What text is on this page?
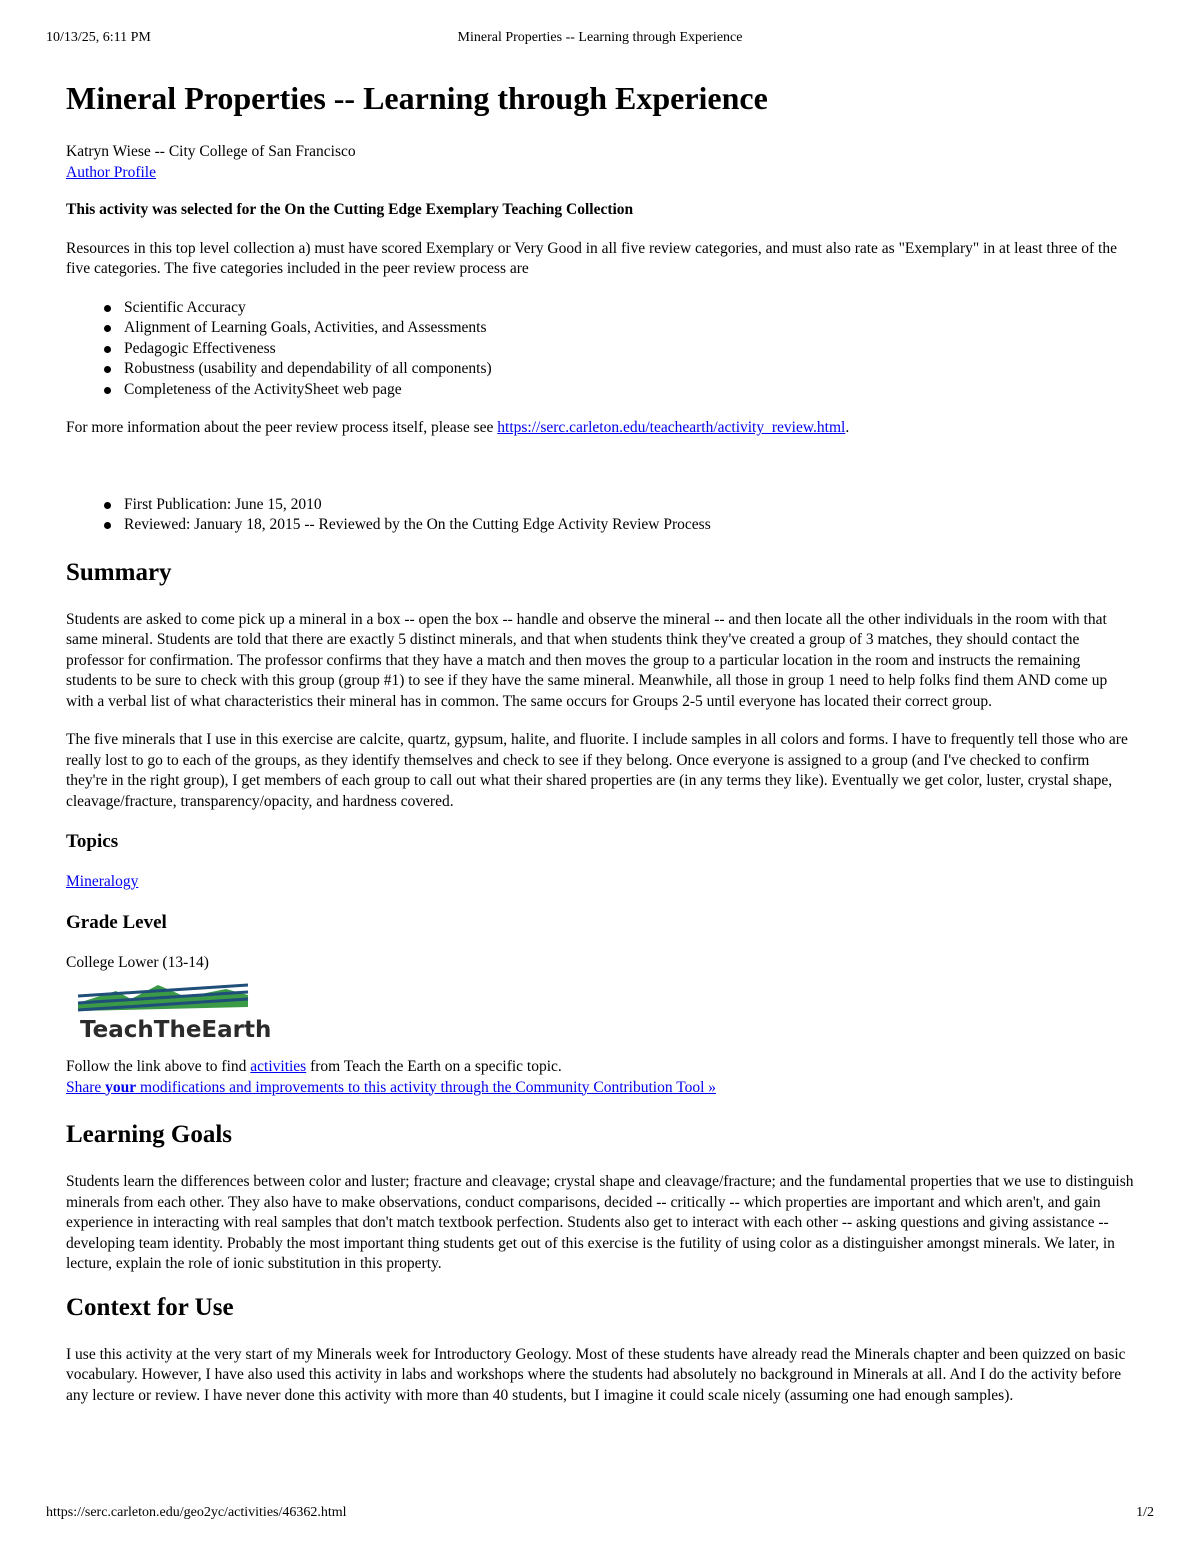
10/13/25, 6:11 PM	Mineral Properties -- Learning through Experience
Mineral Properties -- Learning through Experience

Katryn Wiese -- City College of San Francisco

Author Profile

This activity was selected for the On the Cutting Edge Exemplary Teaching Collection

Resources in this top level collection a) must have scored Exemplary or Very Good in all five review categories, and must also rate as "Exemplary" in at least three of the five categories. The five categories included in the peer review process are

Scientific Accuracy
Alignment of Learning Goals, Activities, and Assessments
Pedagogic Effectiveness
Robustness (usability and dependability of all components)
Completeness of the ActivitySheet web page

For more information about the peer review process itself, please see https://serc.carleton.edu/teachearth/activity_review.html.

First Publication: June 15, 2010
Reviewed: January 18, 2015 -- Reviewed by the On the Cutting Edge Activity Review Process
Summary

Students are asked to come pick up a mineral in a box -- open the box -- handle and observe the mineral -- and then locate all the other individuals in the room with that same mineral. Students are told that there are exactly 5 distinct minerals, and that when students think they've created a group of 3 matches, they should contact the professor for confirmation. The professor confirms that they have a match and then moves the group to a particular location in the room and instructs the remaining students to be sure to check with this group (group #1) to see if they have the same mineral. Meanwhile, all those in group 1 need to help folks find them AND come up with a verbal list of what characteristics their mineral has in common. The same occurs for Groups 2-5 until everyone has located their correct group.

The five minerals that I use in this exercise are calcite, quartz, gypsum, halite, and fluorite. I include samples in all colors and forms. I have to frequently tell those who are really lost to go to each of the groups, as they identify themselves and check to see if they belong. Once everyone is assigned to a group (and I've checked to confirm they're in the right group), I get members of each group to call out what their shared properties are (in any terms they like). Eventually we get color, luster, crystal shape, cleavage/fracture, transparency/opacity, and hardness covered.

Topics

Mineralogy

Grade Level

College Lower (13-14)

TeachTheEarth

Follow the link above to find activities from Teach the Earth on a specific topic.

Share your modifications and improvements to this activity through the Community Contribution Tool »

Learning Goals

Students learn the differences between color and luster; fracture and cleavage; crystal shape and cleavage/fracture; and the fundamental properties that we use to distinguish minerals from each other. They also have to make observations, conduct comparisons, decided -- critically -- which properties are important and which aren't, and gain experience in interacting with real samples that don't match textbook perfection. Students also get to interact with each other -- asking questions and giving assistance -- developing team identity. Probably the most important thing students get out of this exercise is the futility of using color as a distinguisher amongst minerals. We later, in lecture, explain the role of ionic substitution in this property.

Context for Use

I use this activity at the very start of my Minerals week for Introductory Geology. Most of these students have already read the Minerals chapter and been quizzed on basic vocabulary. However, I have also used this activity in labs and workshops where the students had absolutely no background in Minerals at all. And I do the activity before any lecture or review. I have never done this activity with more than 40 students, but I imagine it could scale nicely (assuming one had enough samples).

https://serc.carleton.edu/geo2yc/activities/46362.html	1/2
